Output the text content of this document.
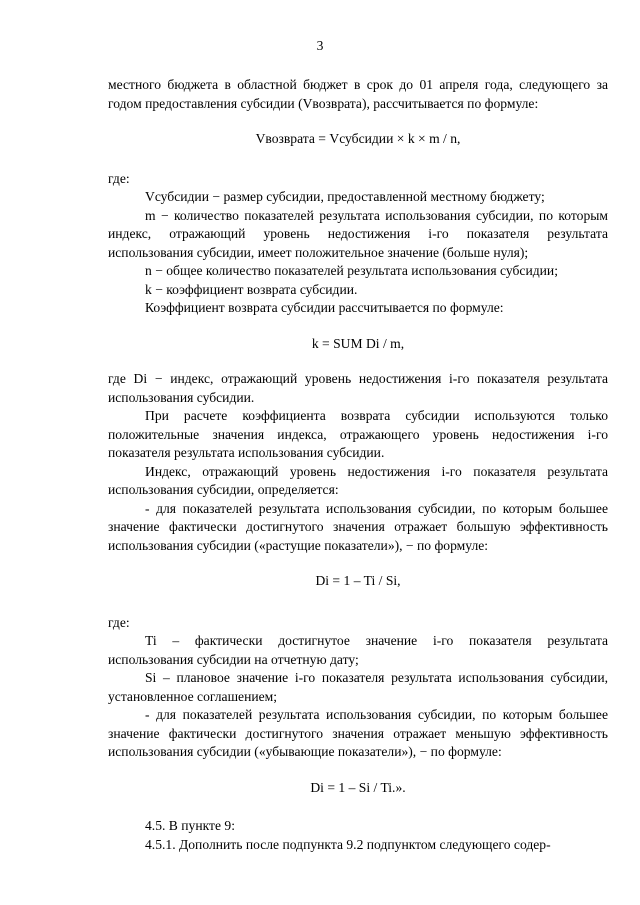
3

местного бюджета в областной бюджет в срок до 01 апреля года, следующего за годом предоставления субсидии (Vвозврата), рассчитывается по формуле:

Vвозврата = Vсубсидии × k × m / n,

где:

Vсубсидии − размер субсидии, предоставленной местному бюджету;

m − количество показателей результата использования субсидии, по которым индекс, отражающий уровень недостижения i-го показателя результата использования субсидии, имеет положительное значение (больше нуля);

n − общее количество показателей результата использования субсидии;

k − коэффициент возврата субсидии.

Коэффициент возврата субсидии рассчитывается по формуле:

k = SUM Di / m,

где Di − индекс, отражающий уровень недостижения i-го показателя результата использования субсидии.

При расчете коэффициента возврата субсидии используются только положительные значения индекса, отражающего уровень недостижения i-го показателя результата использования субсидии.

Индекс, отражающий уровень недостижения i-го показателя результата использования субсидии, определяется:

- для показателей результата использования субсидии, по которым большее значение фактически достигнутого значения отражает большую эффективность использования субсидии («растущие показатели»), − по формуле:

Di = 1 – Ti / Si,

где:

Ti – фактически достигнутое значение i-го показателя результата использования субсидии на отчетную дату;

Si – плановое значение i-го показателя результата использования субсидии, установленное соглашением;

- для показателей результата использования субсидии, по которым большее значение фактически достигнутого значения отражает меньшую эффективность использования субсидии («убывающие показатели»), − по формуле:

Di = 1 – Si / Ti.».

4.5. В пункте 9:

4.5.1. Дополнить после подпункта 9.2 подпунктом следующего содер-
